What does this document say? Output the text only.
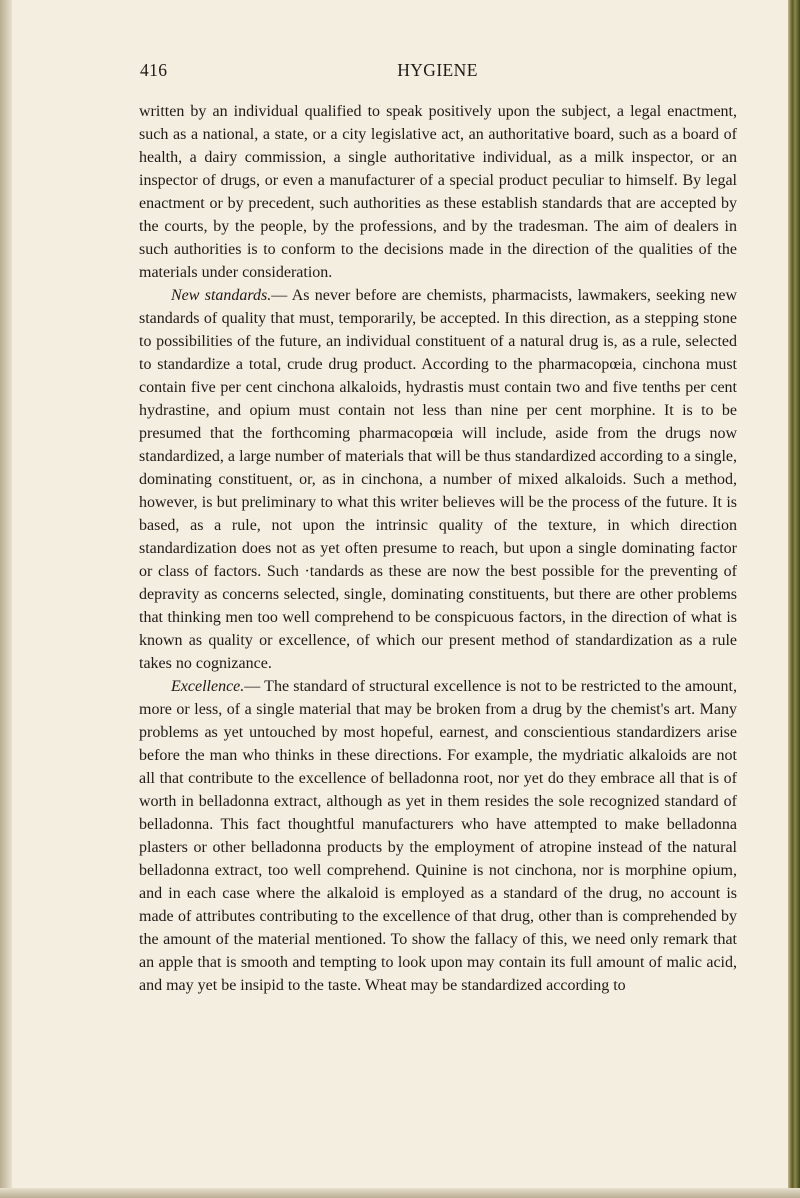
416	HYGIENE

written by an individual qualified to speak positively upon the subject, a legal enactment, such as a national, a state, or a city legislative act, an authoritative board, such as a board of health, a dairy commission, a single authoritative individual, as a milk inspector, or an inspector of drugs, or even a manufacturer of a special product peculiar to himself. By legal enactment or by precedent, such authorities as these establish standards that are accepted by the courts, by the people, by the professions, and by the tradesman. The aim of dealers in such authorities is to conform to the decisions made in the direction of the qualities of the materials under consideration.

New standards.— As never before are chemists, pharmacists, lawmakers, seeking new standards of quality that must, temporarily, be accepted. In this direction, as a stepping stone to possibilities of the future, an individual constituent of a natural drug is, as a rule, selected to standardize a total, crude drug product. According to the pharmacopœia, cinchona must contain five per cent cinchona alkaloids, hydrastis must contain two and five tenths per cent hydrastine, and opium must contain not less than nine per cent morphine. It is to be presumed that the forthcoming pharmacopœia will include, aside from the drugs now standardized, a large number of materials that will be thus standardized according to a single, dominating constituent, or, as in cinchona, a number of mixed alkaloids. Such a method, however, is but preliminary to what this writer believes will be the process of the future. It is based, as a rule, not upon the intrinsic quality of the texture, in which direction standardization does not as yet often presume to reach, but upon a single dominating factor or class of factors. Such ·tandards as these are now the best possible for the preventing of depravity as concerns selected, single, dominating constituents, but there are other problems that thinking men too well comprehend to be conspicuous factors, in the direction of what is known as quality or excellence, of which our present method of standardization as a rule takes no cognizance.

Excellence.— The standard of structural excellence is not to be restricted to the amount, more or less, of a single material that may be broken from a drug by the chemist's art. Many problems as yet untouched by most hopeful, earnest, and conscientious standardizers arise before the man who thinks in these directions. For example, the mydriatic alkaloids are not all that contribute to the excellence of belladonna root, nor yet do they embrace all that is of worth in belladonna extract, although as yet in them resides the sole recognized standard of belladonna. This fact thoughtful manufacturers who have attempted to make belladonna plasters or other belladonna products by the employment of atropine instead of the natural belladonna extract, too well comprehend. Quinine is not cinchona, nor is morphine opium, and in each case where the alkaloid is employed as a standard of the drug, no account is made of attributes contributing to the excellence of that drug, other than is comprehended by the amount of the material mentioned. To show the fallacy of this, we need only remark that an apple that is smooth and tempting to look upon may contain its full amount of malic acid, and may yet be insipid to the taste. Wheat may be standardized according to
